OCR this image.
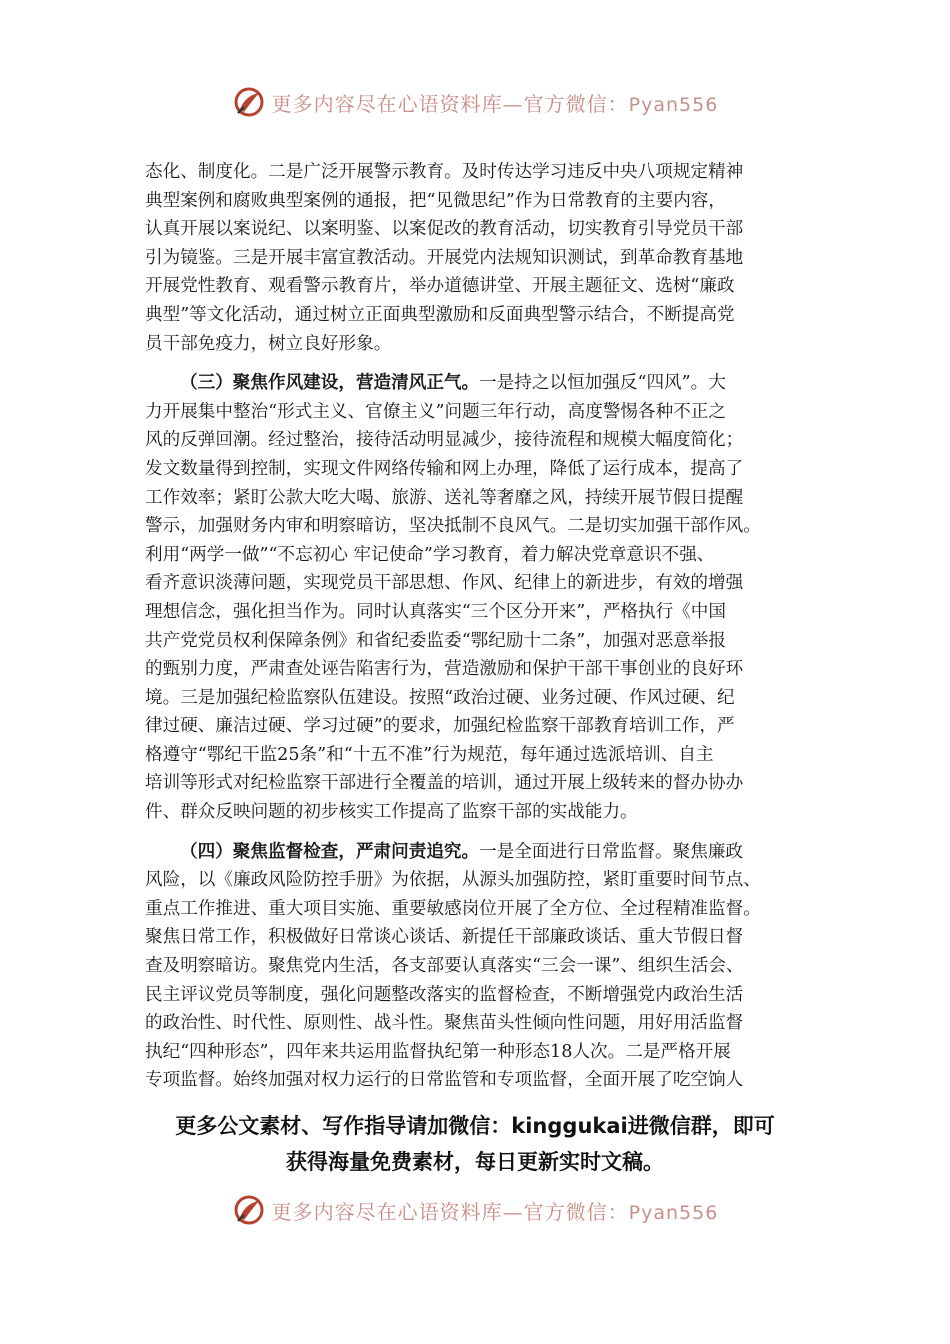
更多内容尽在心语资料库—官方微信：Pyan556
态化、制度化。二是广泛开展警示教育。及时传达学习违反中央八项规定精神
典型案例和腐败典型案例的通报，把“见微思纪”作为日常教育的主要内容，
认真开展以案说纪、以案明鉴、以案促改的教育活动，切实教育引导党员干部
引为镜鉴。三是开展丰富宣教活动。开展党内法规知识测试，到革命教育基地
开展党性教育、观看警示教育片，举办道德讲堂、开展主题征文、选树“廉政
典型”等文化活动，通过树立正面典型激励和反面典型警示结合，不断提高党
员干部免疫力，树立良好形象。
（三）聚焦作风建设，营造清风正气。一是持之以恒加强反“四风”。大
力开展集中整治“形式主义、官僚主义”问题三年行动，高度警惕各种不正之
风的反弹回潮。经过整治，接待活动明显减少，接待流程和规模大幅度简化；
发文数量得到控制，实现文件网络传输和网上办理，降低了运行成本，提高了
工作效率；紧盯公款大吃大喝、旅游、送礼等奢靡之风，持续开展节假日提醒
警示，加强财务内审和明察暗访，坚决抵制不良风气。二是切实加强干部作风。
利用“两学一做”“不忘初心 牢记使命”学习教育，着力解决党章意识不强、
看齐意识淡薄问题，实现党员干部思想、作风、纪律上的新进步，有效的增强
理想信念，强化担当作为。同时认真落实“三个区分开来”，严格执行《中国
共产党党员权利保障条例》和省纪委监委“鄂纪励十二条”，加强对恶意举报
的甄别力度，严肃查处诬告陷害行为，营造激励和保护干部干事创业的良好环
境。三是加强纪检监察队伍建设。按照“政治过硬、业务过硬、作风过硬、纪
律过硬、廉洁过硬、学习过硬”的要求，加强纪检监察干部教育培训工作，严
格遵守“鄂纪干监25条”和“十五不准”行为规范，每年通过选派培训、自主
培训等形式对纪检监察干部进行全覆盖的培训，通过开展上级转来的督办协办
件、群众反映问题的初步核实工作提高了监察干部的实战能力。
（四）聚焦监督检查，严肃问责追究。一是全面进行日常监督。聚焦廉政
风险，以《廉政风险防控手册》为依据，从源头加强防控，紧盯重要时间节点、
重点工作推进、重大项目实施、重要敏感岗位开展了全方位、全过程精准监督。
聚焦日常工作，积极做好日常谈心谈话、新提任干部廉政谈话、重大节假日督
查及明察暗访。聚焦党内生活，各支部要认真落实“三会一课”、组织生活会、
民主评议党员等制度，强化问题整改落实的监督检查，不断增强党内政治生活
的政治性、时代性、原则性、战斗性。聚焦苗头性倾向性问题，用好用活监督
执纪“四种形态”，四年来共运用监督执纪第一种形态18人次。二是严格开展
专项监督。始终加强对权力运行的日常监管和专项监督，全面开展了吃空饷人
更多公文素材、写作指导请加微信：kinggukai进微信群，即可
获得海量免费素材，每日更新实时文稿。
更多内容尽在心语资料库—官方微信：Pyan556
